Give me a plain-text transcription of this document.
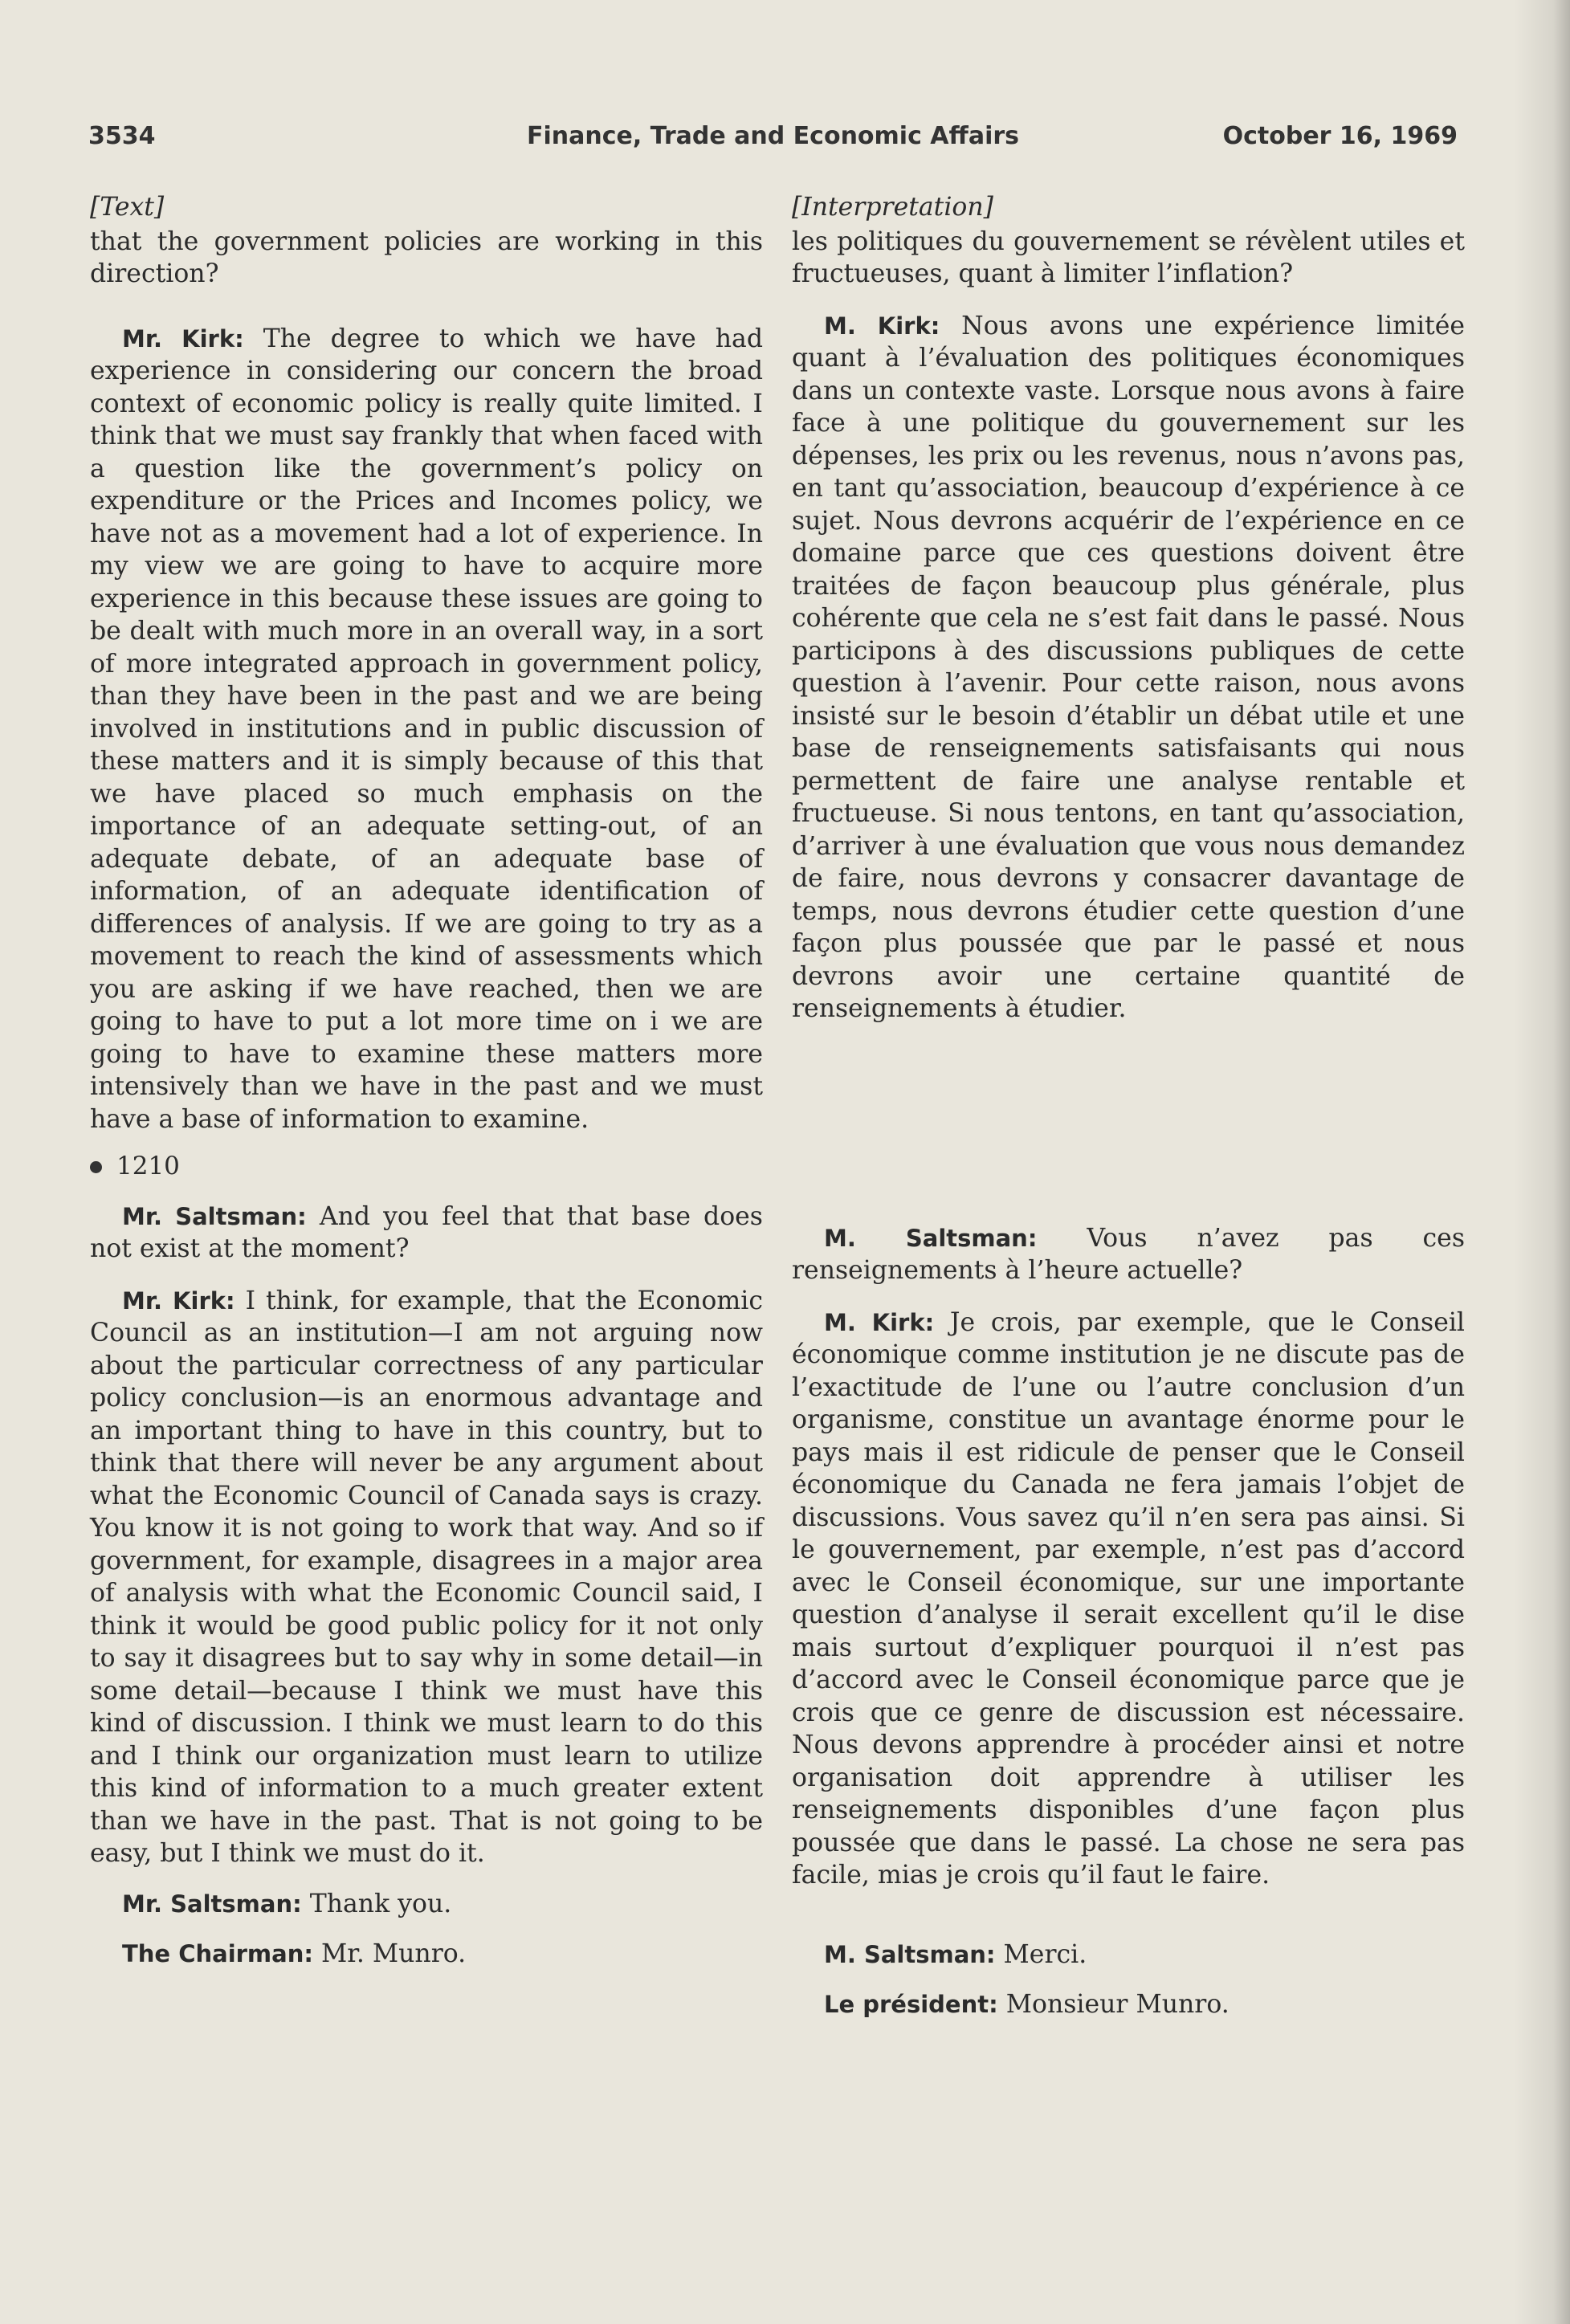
3534	Finance, Trade and Economic Affairs	October 16, 1969

[Text]

that the government policies are working in this direction?

Mr. Kirk: The degree to which we have had experience in considering our concern the broad context of economic policy is really quite limited. I think that we must say frankly that when faced with a question like the government’s policy on expenditure or the Prices and Incomes policy, we have not as a movement had a lot of experience. In my view we are going to have to acquire more experience in this because these issues are going to be dealt with much more in an overall way, in a sort of more integrated approach in government policy, than they have been in the past and we are being involved in institutions and in public discussion of these matters and it is simply because of this that we have placed so much emphasis on the importance of an adequate setting-out, of an adequate debate, of an adequate base of information, of an adequate identification of differences of analysis. If we are going to try as a movement to reach the kind of assessments which you are asking if we have reached, then we are going to have to put a lot more time on i we are going to have to examine these matters more intensively than we have in the past and we must have a base of information to examine.

1210

Mr. Saltsman: And you feel that that base does not exist at the moment?

Mr. Kirk: I think, for example, that the Economic Council as an institution—I am not arguing now about the particular correctness of any particular policy conclusion—is an enormous advantage and an important thing to have in this country, but to think that there will never be any argument about what the Economic Council of Canada says is crazy. You know it is not going to work that way. And so if government, for example, disagrees in a major area of analysis with what the Economic Council said, I think it would be good public policy for it not only to say it disagrees but to say why in some detail—in some detail—because I think we must have this kind of discussion. I think we must learn to do this and I think our organization must learn to utilize this kind of information to a much greater extent than we have in the past. That is not going to be easy, but I think we must do it.

Mr. Saltsman: Thank you.

The Chairman: Mr. Munro.

[Interpretation]

les politiques du gouvernement se révèlent utiles et fructueuses, quant à limiter l’inflation?

M. Kirk: Nous avons une expérience limitée quant à l’évaluation des politiques économiques dans un contexte vaste. Lorsque nous avons à faire face à une politique du gouvernement sur les dépenses, les prix ou les revenus, nous n’avons pas, en tant qu’association, beaucoup d’expérience à ce sujet. Nous devrons acquérir de l’expérience en ce domaine parce que ces questions doivent être traitées de façon beaucoup plus générale, plus cohérente que cela ne s’est fait dans le passé. Nous participons à des discussions publiques de cette question à l’avenir. Pour cette raison, nous avons insisté sur le besoin d’établir un débat utile et une base de renseignements satisfaisants qui nous permettent de faire une analyse rentable et fructueuse. Si nous tentons, en tant qu’association, d’arriver à une évaluation que vous nous demandez de faire, nous devrons y consacrer davantage de temps, nous devrons étudier cette question d’une façon plus poussée que par le passé et nous devrons avoir une certaine quantité de renseignements à étudier.

M. Saltsman: Vous n’avez pas ces renseignements à l’heure actuelle?

M. Kirk: Je crois, par exemple, que le Conseil économique comme institution je ne discute pas de l’exactitude de l’une ou l’autre conclusion d’un organisme, constitue un avantage énorme pour le pays mais il est ridicule de penser que le Conseil économique du Canada ne fera jamais l’objet de discussions. Vous savez qu’il n’en sera pas ainsi. Si le gouvernement, par exemple, n’est pas d’accord avec le Conseil économique, sur une importante question d’analyse il serait excellent qu’il le dise mais surtout d’expliquer pourquoi il n’est pas d’accord avec le Conseil économique parce que je crois que ce genre de discussion est nécessaire. Nous devons apprendre à procéder ainsi et notre organisation doit apprendre à utiliser les renseignements disponibles d’une façon plus poussée que dans le passé. La chose ne sera pas facile, mias je crois qu’il faut le faire.

M. Saltsman: Merci.

Le président: Monsieur Munro.
